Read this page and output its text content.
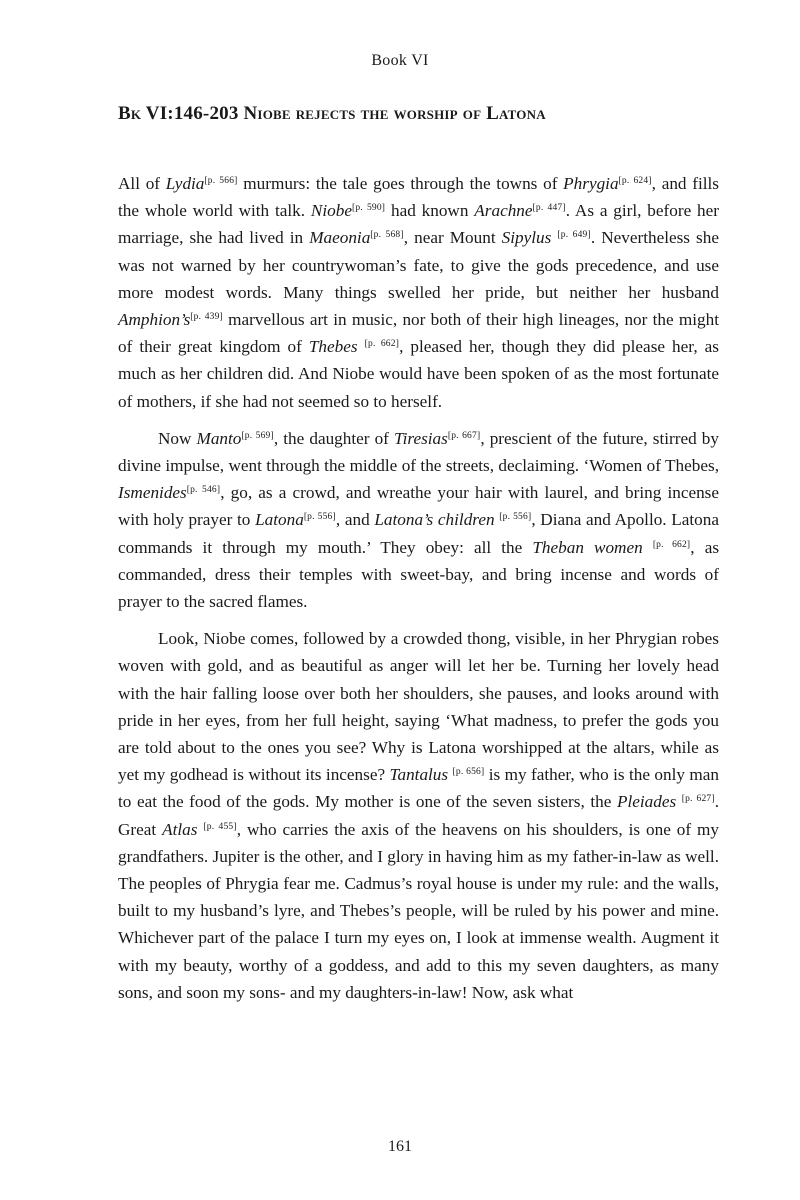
Book VI
Bk VI:146-203 Niobe rejects the worship of Latona

All of Lydia[p. 566] murmurs: the tale goes through the towns of Phrygia[p. 624], and fills the whole world with talk. Niobe[p. 590] had known Arachne[p. 447]. As a girl, before her marriage, she had lived in Maeonia[p. 568], near Mount Sipylus [p. 649]. Nevertheless she was not warned by her countrywoman’s fate, to give the gods precedence, and use more modest words. Many things swelled her pride, but neither her husband Amphion’s[p. 439] marvellous art in music, nor both of their high lineages, nor the might of their great kingdom of Thebes [p. 662], pleased her, though they did please her, as much as her children did. And Niobe would have been spoken of as the most fortunate of mothers, if she had not seemed so to herself.

Now Manto[p. 569], the daughter of Tiresias[p. 667], prescient of the future, stirred by divine impulse, went through the middle of the streets, declaiming. ‘Women of Thebes, Ismenides[p. 546], go, as a crowd, and wreathe your hair with laurel, and bring incense with holy prayer to Latona[p. 556], and Latona’s children [p. 556], Diana and Apollo. Latona commands it through my mouth.’ They obey: all the Theban women [p. 662], as commanded, dress their temples with sweet-bay, and bring incense and words of prayer to the sacred flames.

Look, Niobe comes, followed by a crowded thong, visible, in her Phrygian robes woven with gold, and as beautiful as anger will let her be. Turning her lovely head with the hair falling loose over both her shoulders, she pauses, and looks around with pride in her eyes, from her full height, saying ‘What madness, to prefer the gods you are told about to the ones you see? Why is Latona worshipped at the altars, while as yet my godhead is without its incense? Tantalus [p. 656] is my father, who is the only man to eat the food of the gods. My mother is one of the seven sisters, the Pleiades [p. 627]. Great Atlas [p. 455], who carries the axis of the heavens on his shoulders, is one of my grandfathers. Jupiter is the other, and I glory in having him as my father-in-law as well. The peoples of Phrygia fear me. Cadmus’s royal house is under my rule: and the walls, built to my husband’s lyre, and Thebes’s people, will be ruled by his power and mine. Whichever part of the palace I turn my eyes on, I look at immense wealth. Augment it with my beauty, worthy of a goddess, and add to this my seven daughters, as many sons, and soon my sons- and my daughters-in-law! Now, ask what

161
